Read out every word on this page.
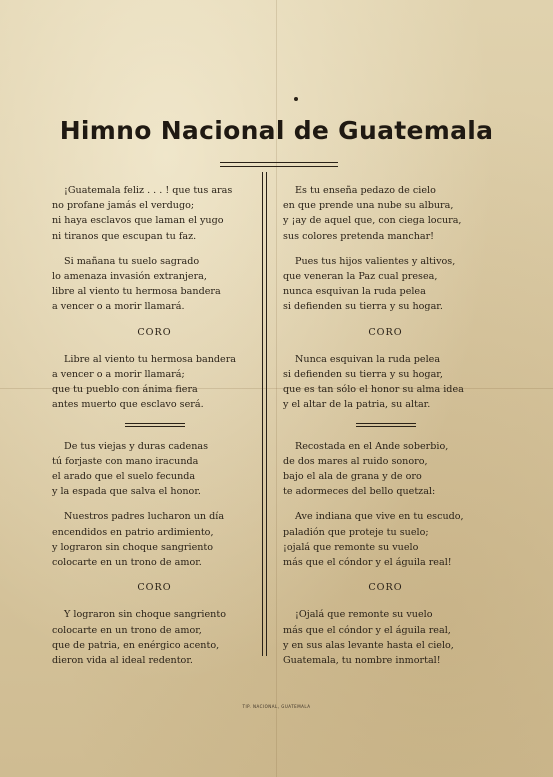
Himno Nacional de Guatemala
¡Guatemala feliz . . . ! que tus aras
no profane jamás el verdugo;
ni haya esclavos que laman el yugo
ni tiranos que escupan tu faz.
Si mañana tu suelo sagrado
lo amenaza invasión extranjera,
libre al viento tu hermosa bandera
a vencer o a morir llamará.
CORO
Libre al viento tu hermosa bandera
a vencer o a morir llamará;
que tu pueblo con ánima fiera
antes muerto que esclavo será.
De tus viejas y duras cadenas
tú forjaste con mano iracunda
el arado que el suelo fecunda
y la espada que salva el honor.
Nuestros padres lucharon un día
encendidos en patrio ardimiento,
y lograron sin choque sangriento
colocarte en un trono de amor.
CORO
Y lograron sin choque sangriento
colocarte en un trono de amor,
que de patria, en enérgico acento,
dieron vida al ideal redentor.
Es tu enseña pedazo de cielo
en que prende una nube su albura,
y ¡ay de aquel que, con ciega locura,
sus colores pretenda manchar!
Pues tus hijos valientes y altivos,
que veneran la Paz cual presea,
nunca esquivan la ruda pelea
si defienden su tierra y su hogar.
CORO
Nunca esquivan la ruda pelea
si defienden su tierra y su hogar,
que es tan sólo el honor su alma idea
y el altar de la patria, su altar.
Recostada en el Ande soberbio,
de dos mares al ruido sonoro,
bajo el ala de grana y de oro
te adormeces del bello quetzal:
Ave indiana que vive en tu escudo,
paladión que proteje tu suelo;
¡ojalá que remonte su vuelo
más que el cóndor y el águila real!
CORO
¡Ojalá que remonte su vuelo
más que el cóndor y el águila real,
y en sus alas levante hasta el cielo,
Guatemala, tu nombre inmortal!
TIP. NACIONAL, GUATEMALA
